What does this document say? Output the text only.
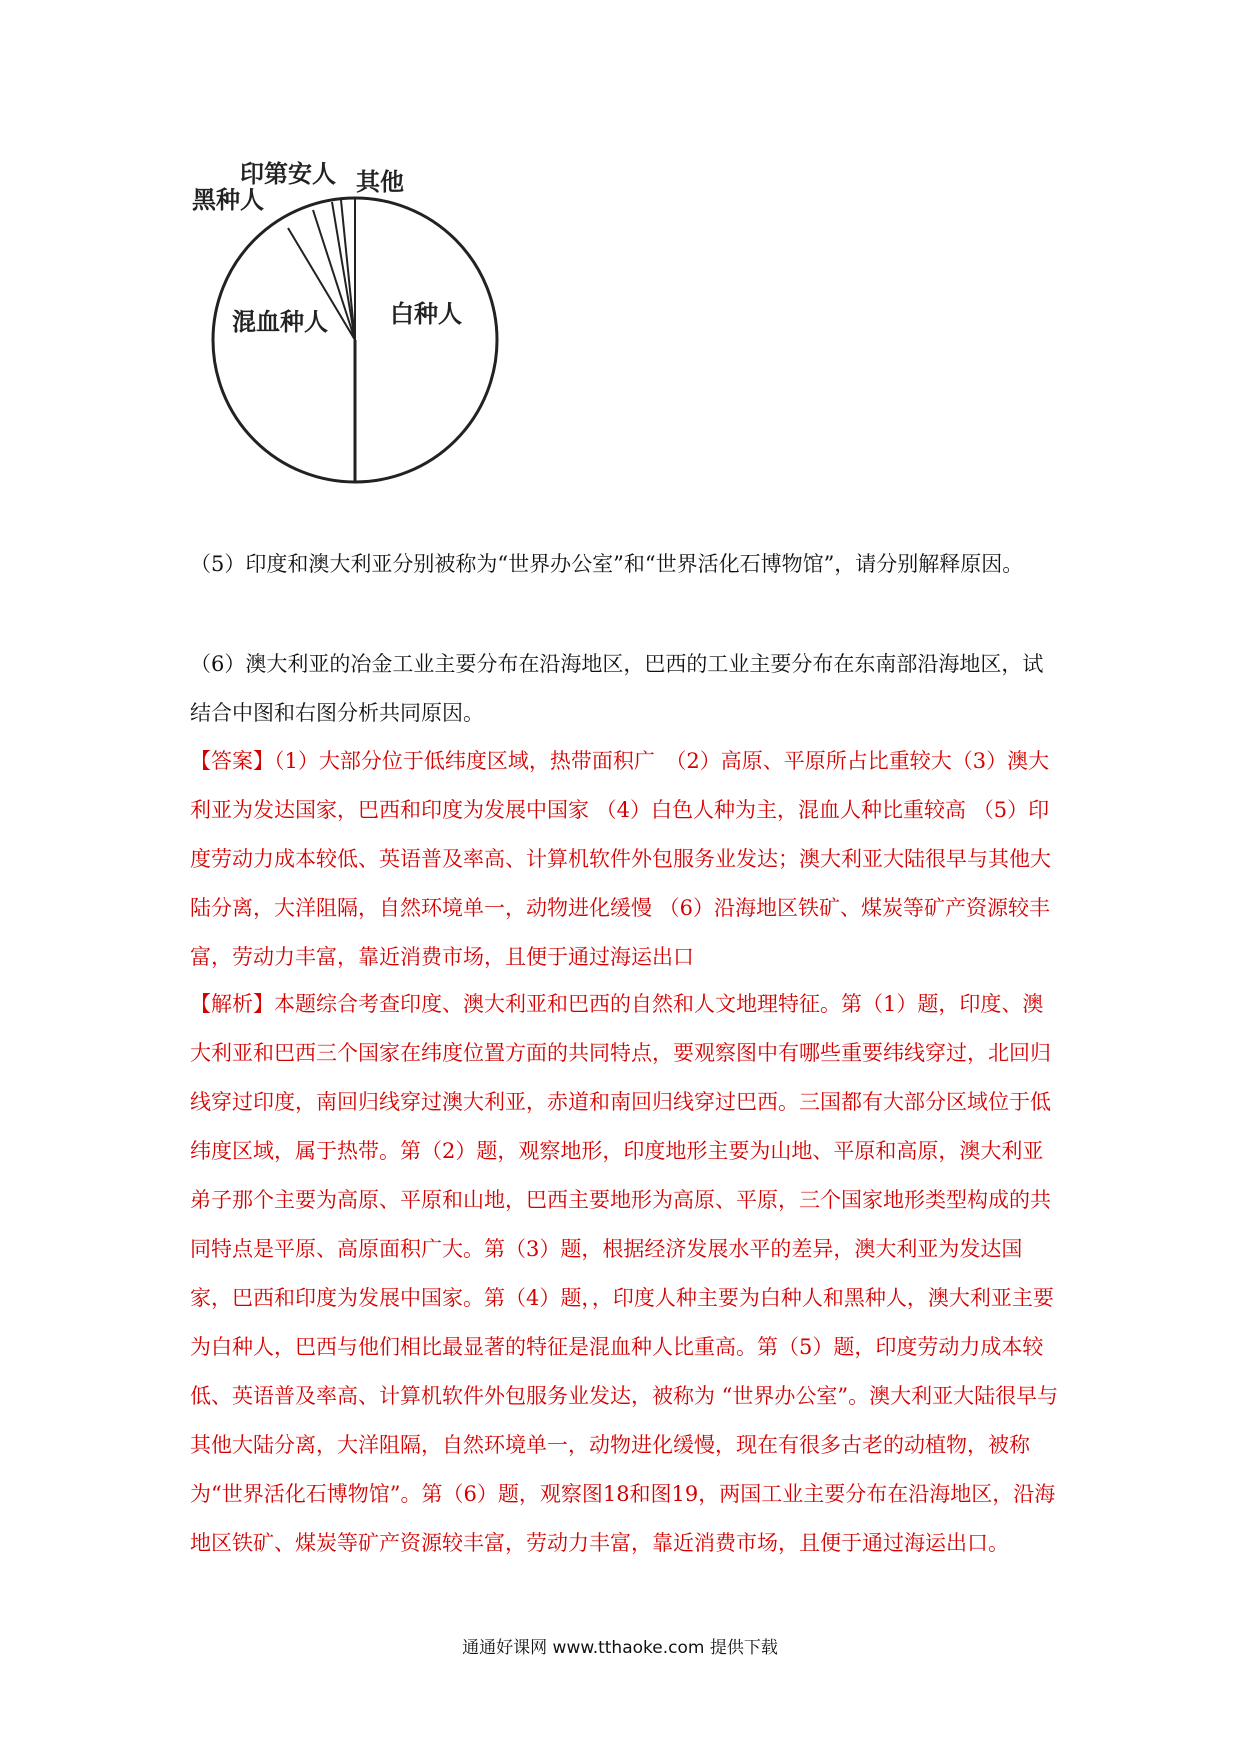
印第安人 其他
黑种人
混血种人	白种人
（5）印度和澳大利亚分别被称为“世界办公室”和“世界活化石博物馆”，请分别解释原因。
（6）澳大利亚的冶金工业主要分布在沿海地区，巴西的工业主要分布在东南部沿海地区，试结合中图和右图分析共同原因。
【答案】（1）大部分位于低纬度区域，热带面积广　（2）高原、平原所占比重较大（3）澳大利亚为发达国家，巴西和印度为发展中国家 （4）白色人种为主，混血人种比重较高 （5）印度劳动力成本较低、英语普及率高、计算机软件外包服务业发达；澳大利亚大陆很早与其他大陆分离，大洋阻隔，自然环境单一，动物进化缓慢 （6）沿海地区铁矿、煤炭等矿产资源较丰富，劳动力丰富，靠近消费市场，且便于通过海运出口
【解析】本题综合考查印度、澳大利亚和巴西的自然和人文地理特征。第（1）题，印度、澳大利亚和巴西三个国家在纬度位置方面的共同特点，要观察图中有哪些重要纬线穿过，北回归线穿过印度，南回归线穿过澳大利亚，赤道和南回归线穿过巴西。三国都有大部分区域位于低纬度区域，属于热带。第（2）题，观察地形，印度地形主要为山地、平原和高原，澳大利亚弟子那个主要为高原、平原和山地，巴西主要地形为高原、平原，三个国家地形类型构成的共同特点是平原、高原面积广大。第（3）题，根据经济发展水平的差异，澳大利亚为发达国家，巴西和印度为发展中国家。第（4）题，，印度人种主要为白种人和黑种人，澳大利亚主要为白种人，巴西与他们相比最显著的特征是混血种人比重高。第（5）题，印度劳动力成本较低、英语普及率高、计算机软件外包服务业发达，被称为 “世界办公室”。澳大利亚大陆很早与其他大陆分离，大洋阻隔，自然环境单一，动物进化缓慢，现在有很多古老的动植物，被称为“世界活化石博物馆”。第（6）题，观察图18和图19，两国工业主要分布在沿海地区，沿海地区铁矿、煤炭等矿产资源较丰富，劳动力丰富，靠近消费市场，且便于通过海运出口。
通通好课网 www.tthaoke.com 提供下载
